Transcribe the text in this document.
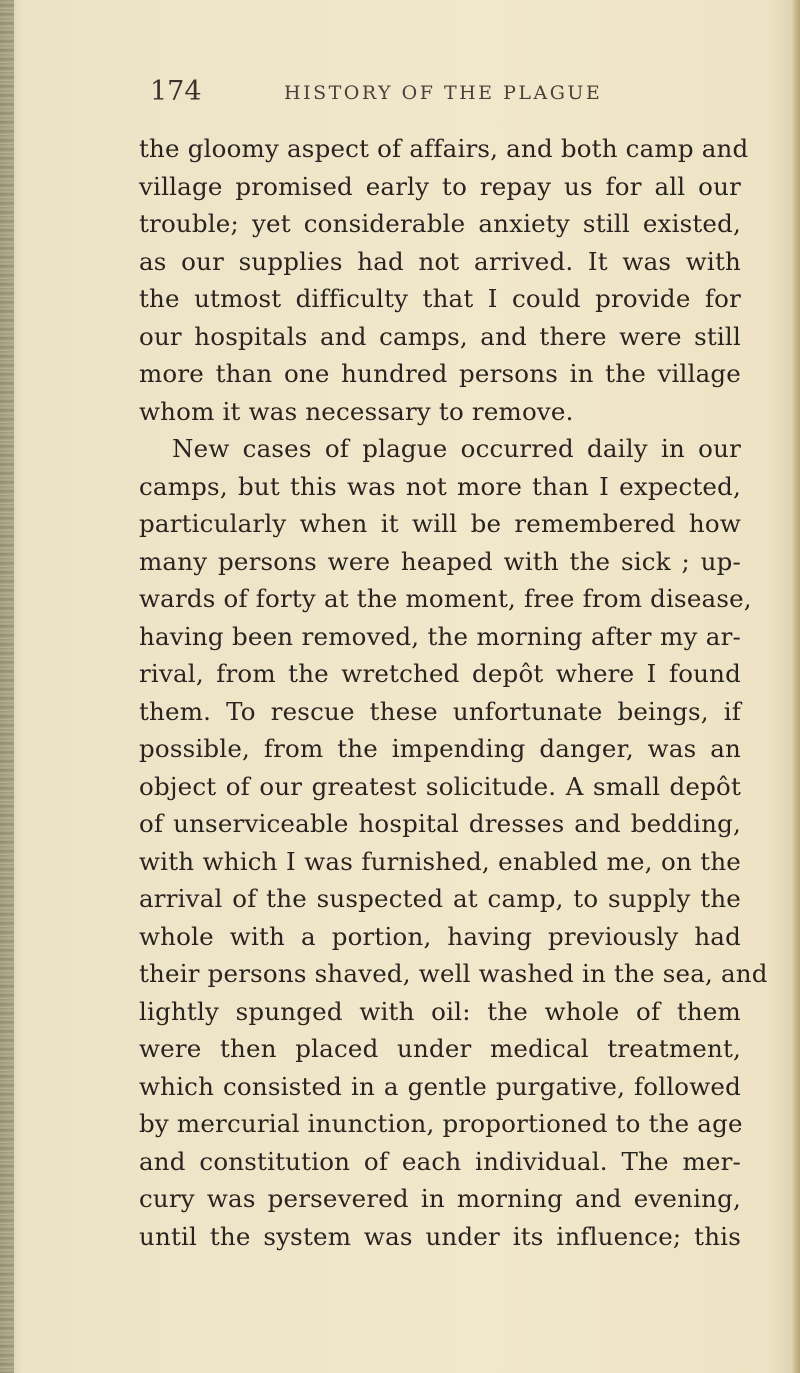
174	HISTORY OF THE PLAGUE
the gloomy aspect of affairs, and both camp and
village promised early to repay us for all our
trouble; yet considerable anxiety still existed,
as our supplies had not arrived. It was with
the utmost difficulty that I could provide for
our hospitals and camps, and there were still
more than one hundred persons in the village
whom it was necessary to remove.
New cases of plague occurred daily in our
camps, but this was not more than I expected,
particularly when it will be remembered how
many persons were heaped with the sick ; up-
wards of forty at the moment, free from disease,
having been removed, the morning after my ar-
rival, from the wretched depôt where I found
them. To rescue these unfortunate beings, if
possible, from the impending danger, was an
object of our greatest solicitude. A small depôt
of unserviceable hospital dresses and bedding,
with which I was furnished, enabled me, on the
arrival of the suspected at camp, to supply the
whole with a portion, having previously had
their persons shaved, well washed in the sea, and
lightly spunged with oil: the whole of them
were then placed under medical treatment,
which consisted in a gentle purgative, followed
by mercurial inunction, proportioned to the age
and constitution of each individual. The mer-
cury was persevered in morning and evening,
until the system was under its influence; this
